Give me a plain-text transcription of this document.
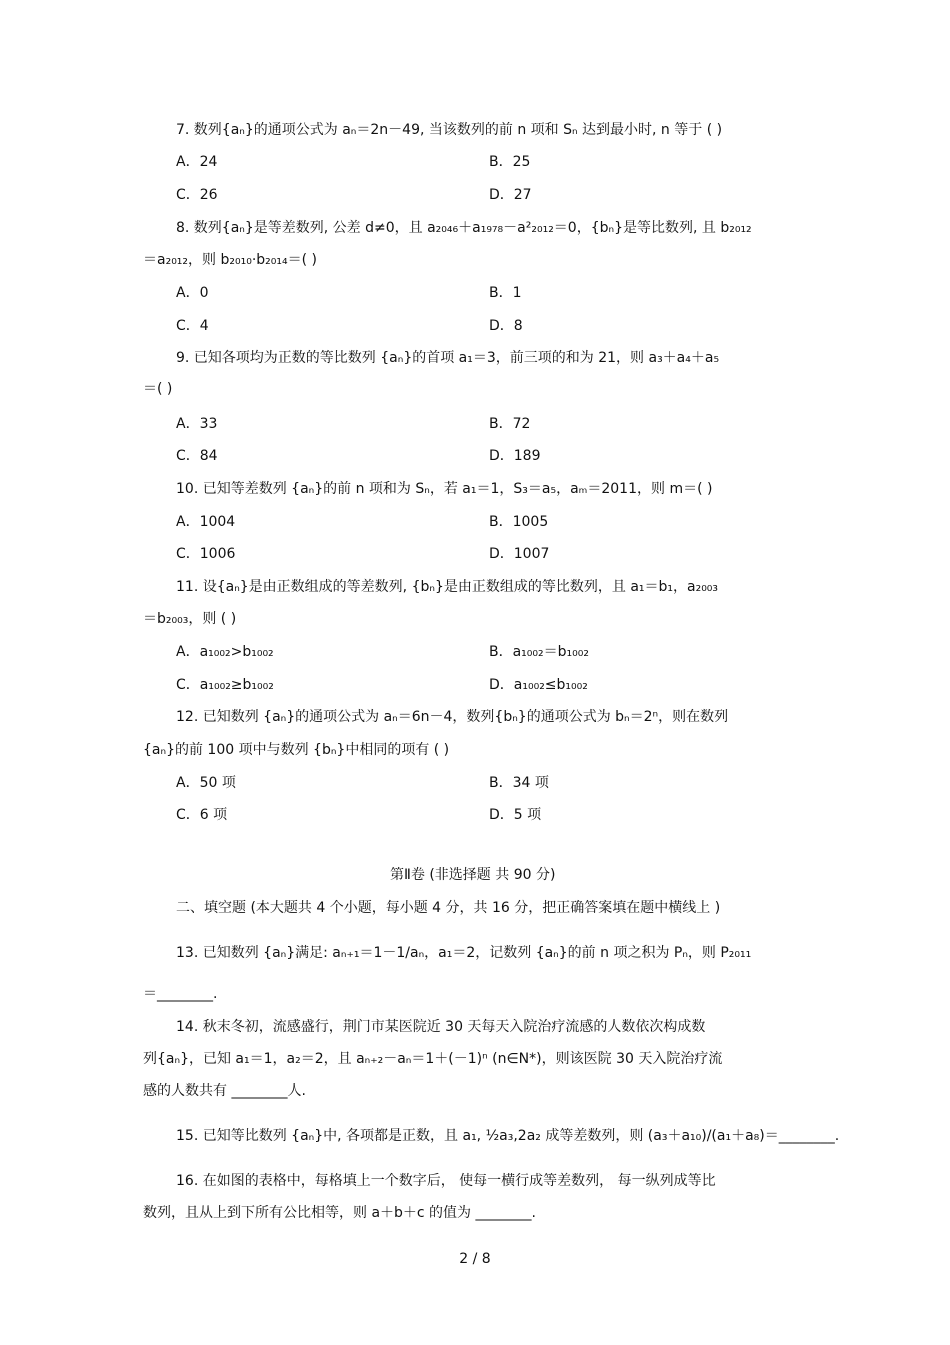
7. 数列{aₙ}的通项公式为 aₙ＝2n－49, 当该数列的前 n 项和 Sₙ 达到最小时, n 等于 ( )
A．24	B．25
C．26	D．27
8. 数列{aₙ}是等差数列, 公差 d≠0，且 a₂₀₄₆＋a₁₉₇₈－a²₂₀₁₂＝0，{bₙ}是等比数列, 且 b₂₀₁₂
＝a₂₀₁₂，则 b₂₀₁₀·b₂₀₁₄＝( )
A．0	B．1
C．4	D．8
9. 已知各项均为正数的等比数列 {aₙ}的首项 a₁＝3，前三项的和为 21，则 a₃＋a₄＋a₅
＝( )
A．33	B．72
C．84	D．189
10. 已知等差数列 {aₙ}的前 n 项和为 Sₙ，若 a₁＝1，S₃＝a₅，aₘ＝2011，则 m＝( )
A．1004	B．1005
C．1006	D．1007
11. 设{aₙ}是由正数组成的等差数列, {bₙ}是由正数组成的等比数列，且 a₁＝b₁，a₂₀₀₃
＝b₂₀₀₃，则 ( )
A．a₁₀₀₂>b₁₀₀₂	B．a₁₀₀₂＝b₁₀₀₂
C．a₁₀₀₂≥b₁₀₀₂	D．a₁₀₀₂≤b₁₀₀₂
12. 已知数列 {aₙ}的通项公式为 aₙ＝6n－4，数列{bₙ}的通项公式为 bₙ＝2ⁿ，则在数列
{aₙ}的前 100 项中与数列 {bₙ}中相同的项有 ( )
A．50 项	B．34 项
C．6 项	D．5 项
第Ⅱ卷 (非选择题 共 90 分)
二、填空题 (本大题共 4 个小题，每小题 4 分，共 16 分，把正确答案填在题中横线上 )
13. 已知数列 {aₙ}满足: aₙ₊₁＝1－1/aₙ，a₁＝2，记数列 {aₙ}的前 n 项之积为 Pₙ，则 P₂₀₁₁
＝________.
14. 秋末冬初，流感盛行，荆门市某医院近 30 天每天入院治疗流感的人数依次构成数
列{aₙ}，已知 a₁＝1，a₂＝2，且 aₙ₊₂－aₙ＝1＋(－1)ⁿ (n∈N*)，则该医院 30 天入院治疗流
感的人数共有 ________人.
15. 已知等比数列 {aₙ}中, 各项都是正数，且 a₁, ½a₃,2a₂ 成等差数列，则 (a₃＋a₁₀)/(a₁＋a₈)＝________.
16. 在如图的表格中，每格填上一个数字后， 使每一横行成等差数列， 每一纵列成等比
数列，且从上到下所有公比相等，则 a＋b＋c 的值为 ________.
2 / 8
